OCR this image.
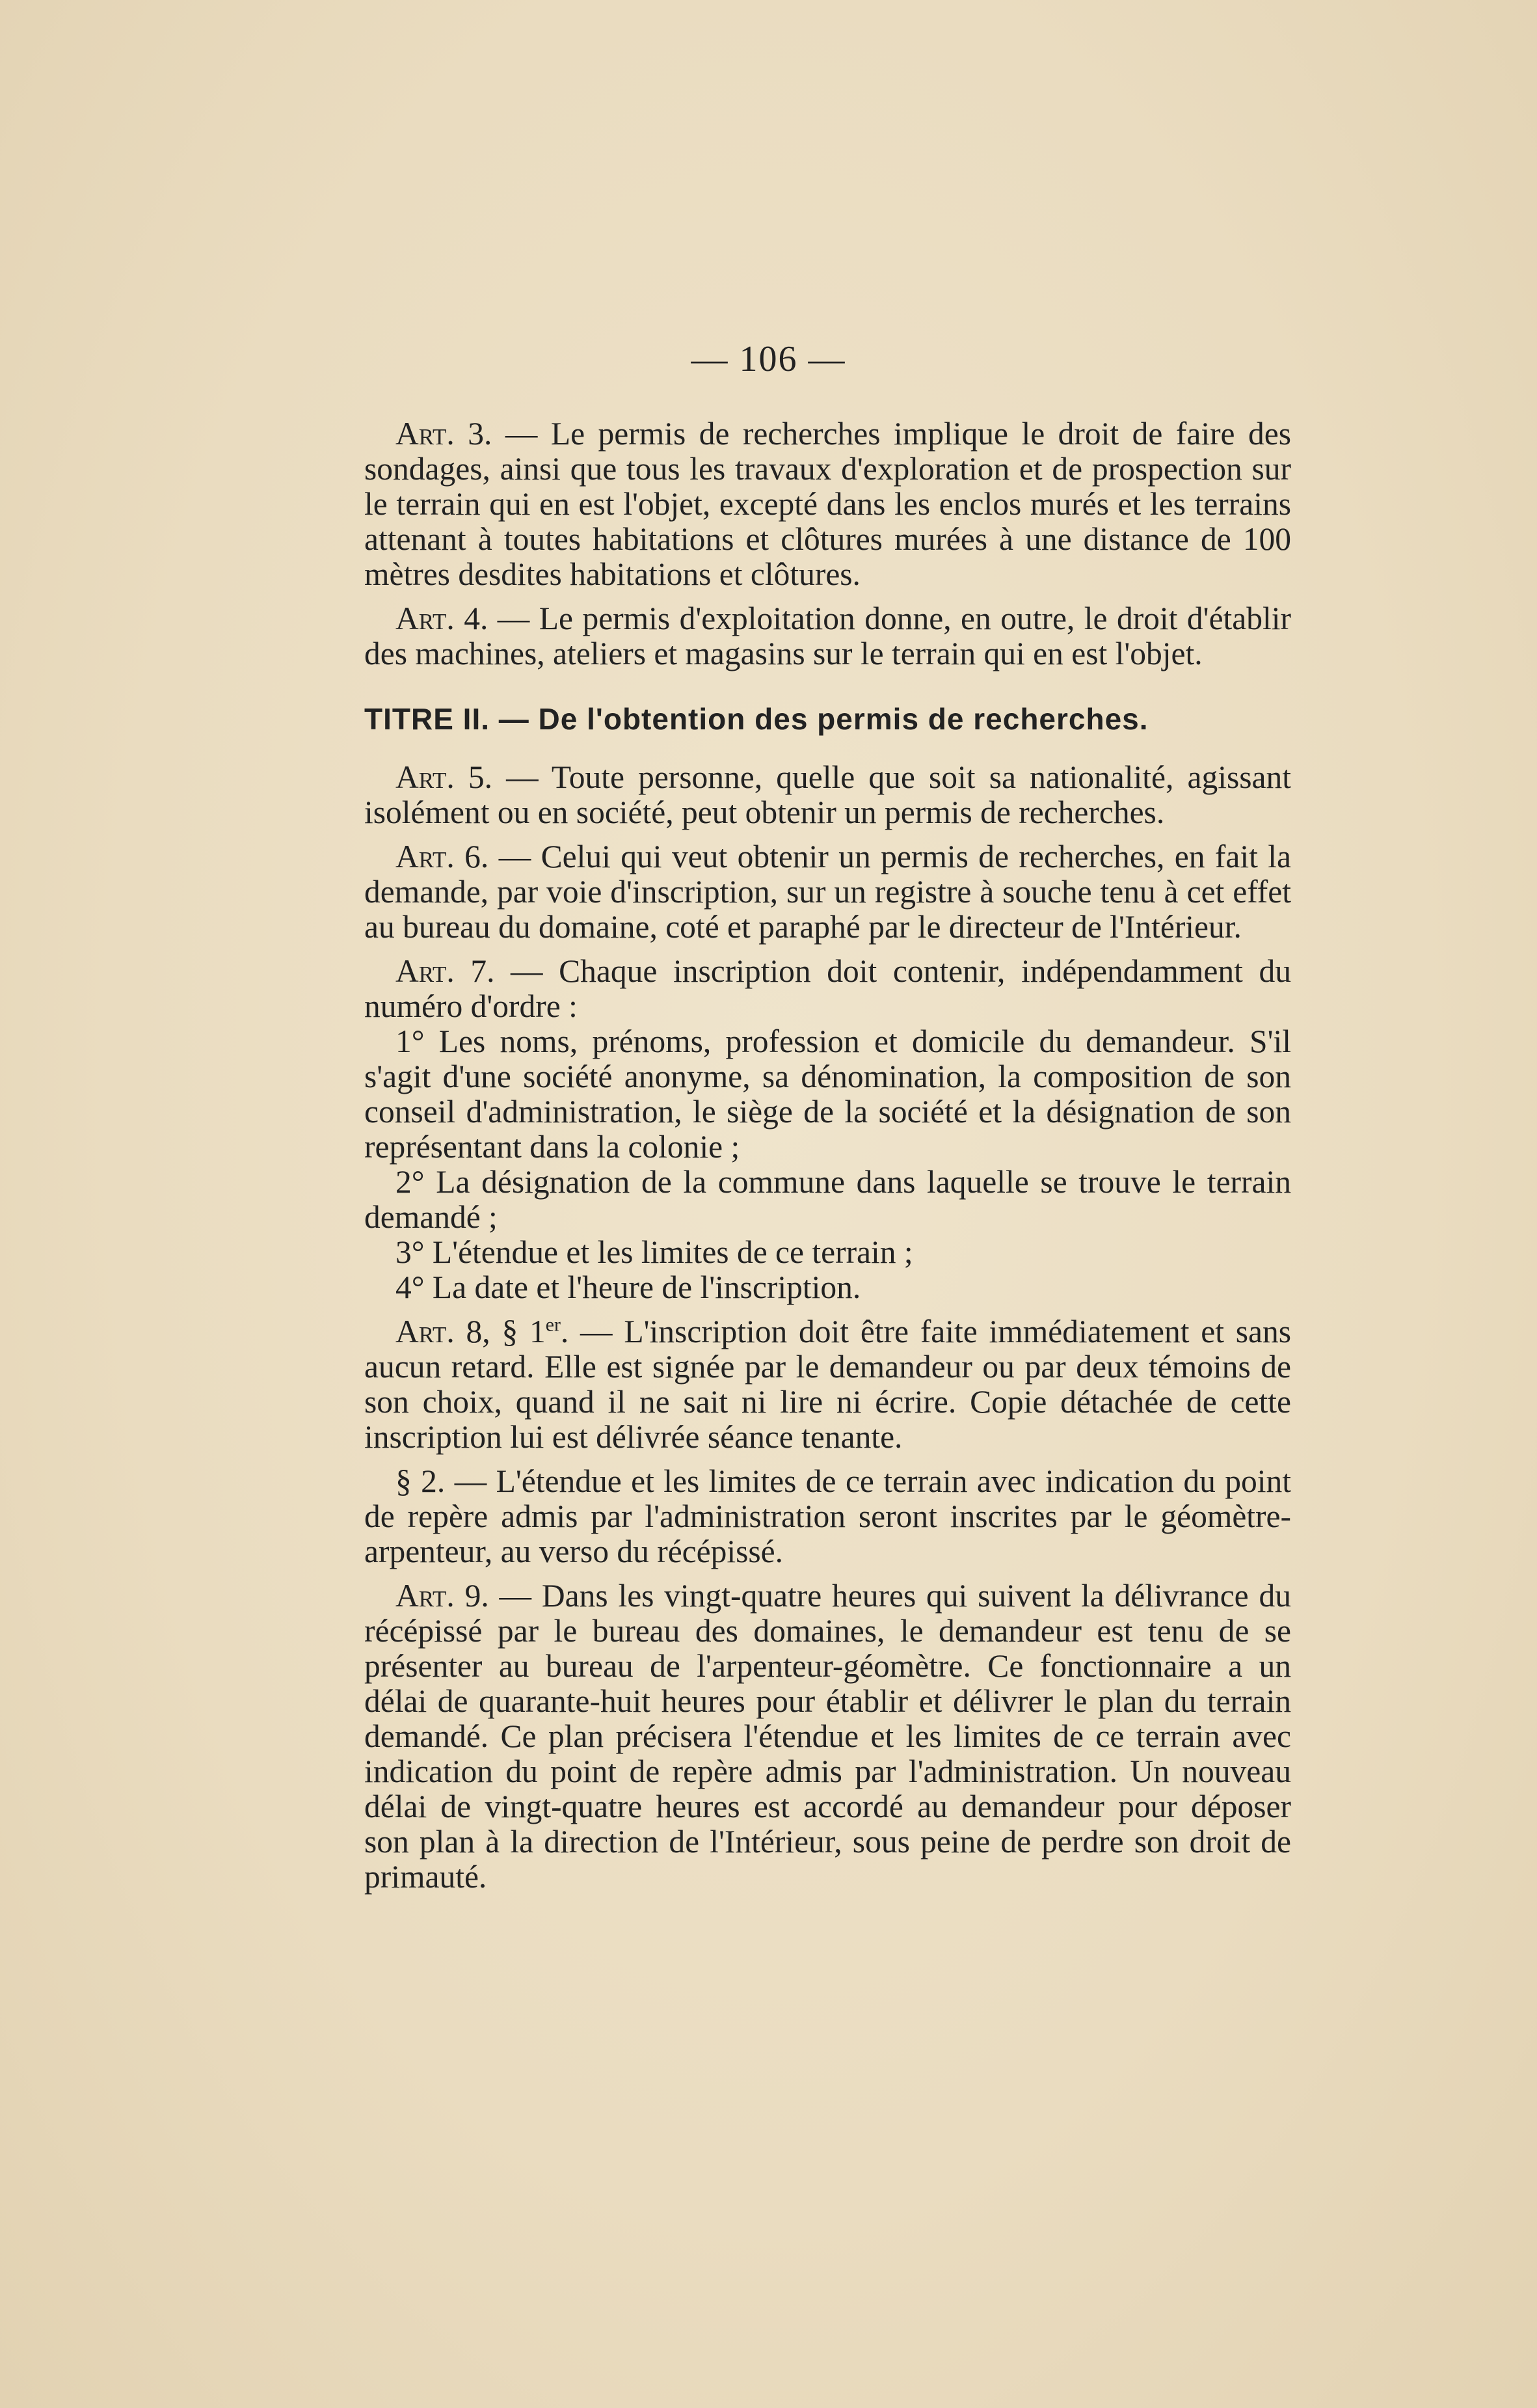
— 106 —

Art. 3. — Le permis de recherches implique le droit de faire des sondages, ainsi que tous les travaux d'exploration et de prospection sur le terrain qui en est l'objet, excepté dans les enclos murés et les terrains attenant à toutes habitations et clôtures murées à une distance de 100 mètres desdites habitations et clôtures.

Art. 4. — Le permis d'exploitation donne, en outre, le droit d'établir des machines, ateliers et magasins sur le terrain qui en est l'objet.

TITRE II. — De l'obtention des permis de recherches.

Art. 5. — Toute personne, quelle que soit sa nationalité, agissant isolément ou en société, peut obtenir un permis de recherches.

Art. 6. — Celui qui veut obtenir un permis de recherches, en fait la demande, par voie d'inscription, sur un registre à souche tenu à cet effet au bureau du domaine, coté et paraphé par le directeur de l'Intérieur.

Art. 7. — Chaque inscription doit contenir, indépendamment du numéro d'ordre :

1° Les noms, prénoms, profession et domicile du demandeur. S'il s'agit d'une société anonyme, sa dénomination, la composition de son conseil d'administration, le siège de la société et la désignation de son représentant dans la colonie ;

2° La désignation de la commune dans laquelle se trouve le terrain demandé ;

3° L'étendue et les limites de ce terrain ;

4° La date et l'heure de l'inscription.

Art. 8, § 1er. — L'inscription doit être faite immédiatement et sans aucun retard. Elle est signée par le demandeur ou par deux témoins de son choix, quand il ne sait ni lire ni écrire. Copie détachée de cette inscription lui est délivrée séance tenante.

§ 2. — L'étendue et les limites de ce terrain avec indication du point de repère admis par l'administration seront inscrites par le géomètre-arpenteur, au verso du récépissé.

Art. 9. — Dans les vingt-quatre heures qui suivent la délivrance du récépissé par le bureau des domaines, le demandeur est tenu de se présenter au bureau de l'arpenteur-géomètre. Ce fonctionnaire a un délai de quarante-huit heures pour établir et délivrer le plan du terrain demandé. Ce plan précisera l'étendue et les limites de ce terrain avec indication du point de repère admis par l'administration. Un nouveau délai de vingt-quatre heures est accordé au demandeur pour déposer son plan à la direction de l'Intérieur, sous peine de perdre son droit de primauté.
